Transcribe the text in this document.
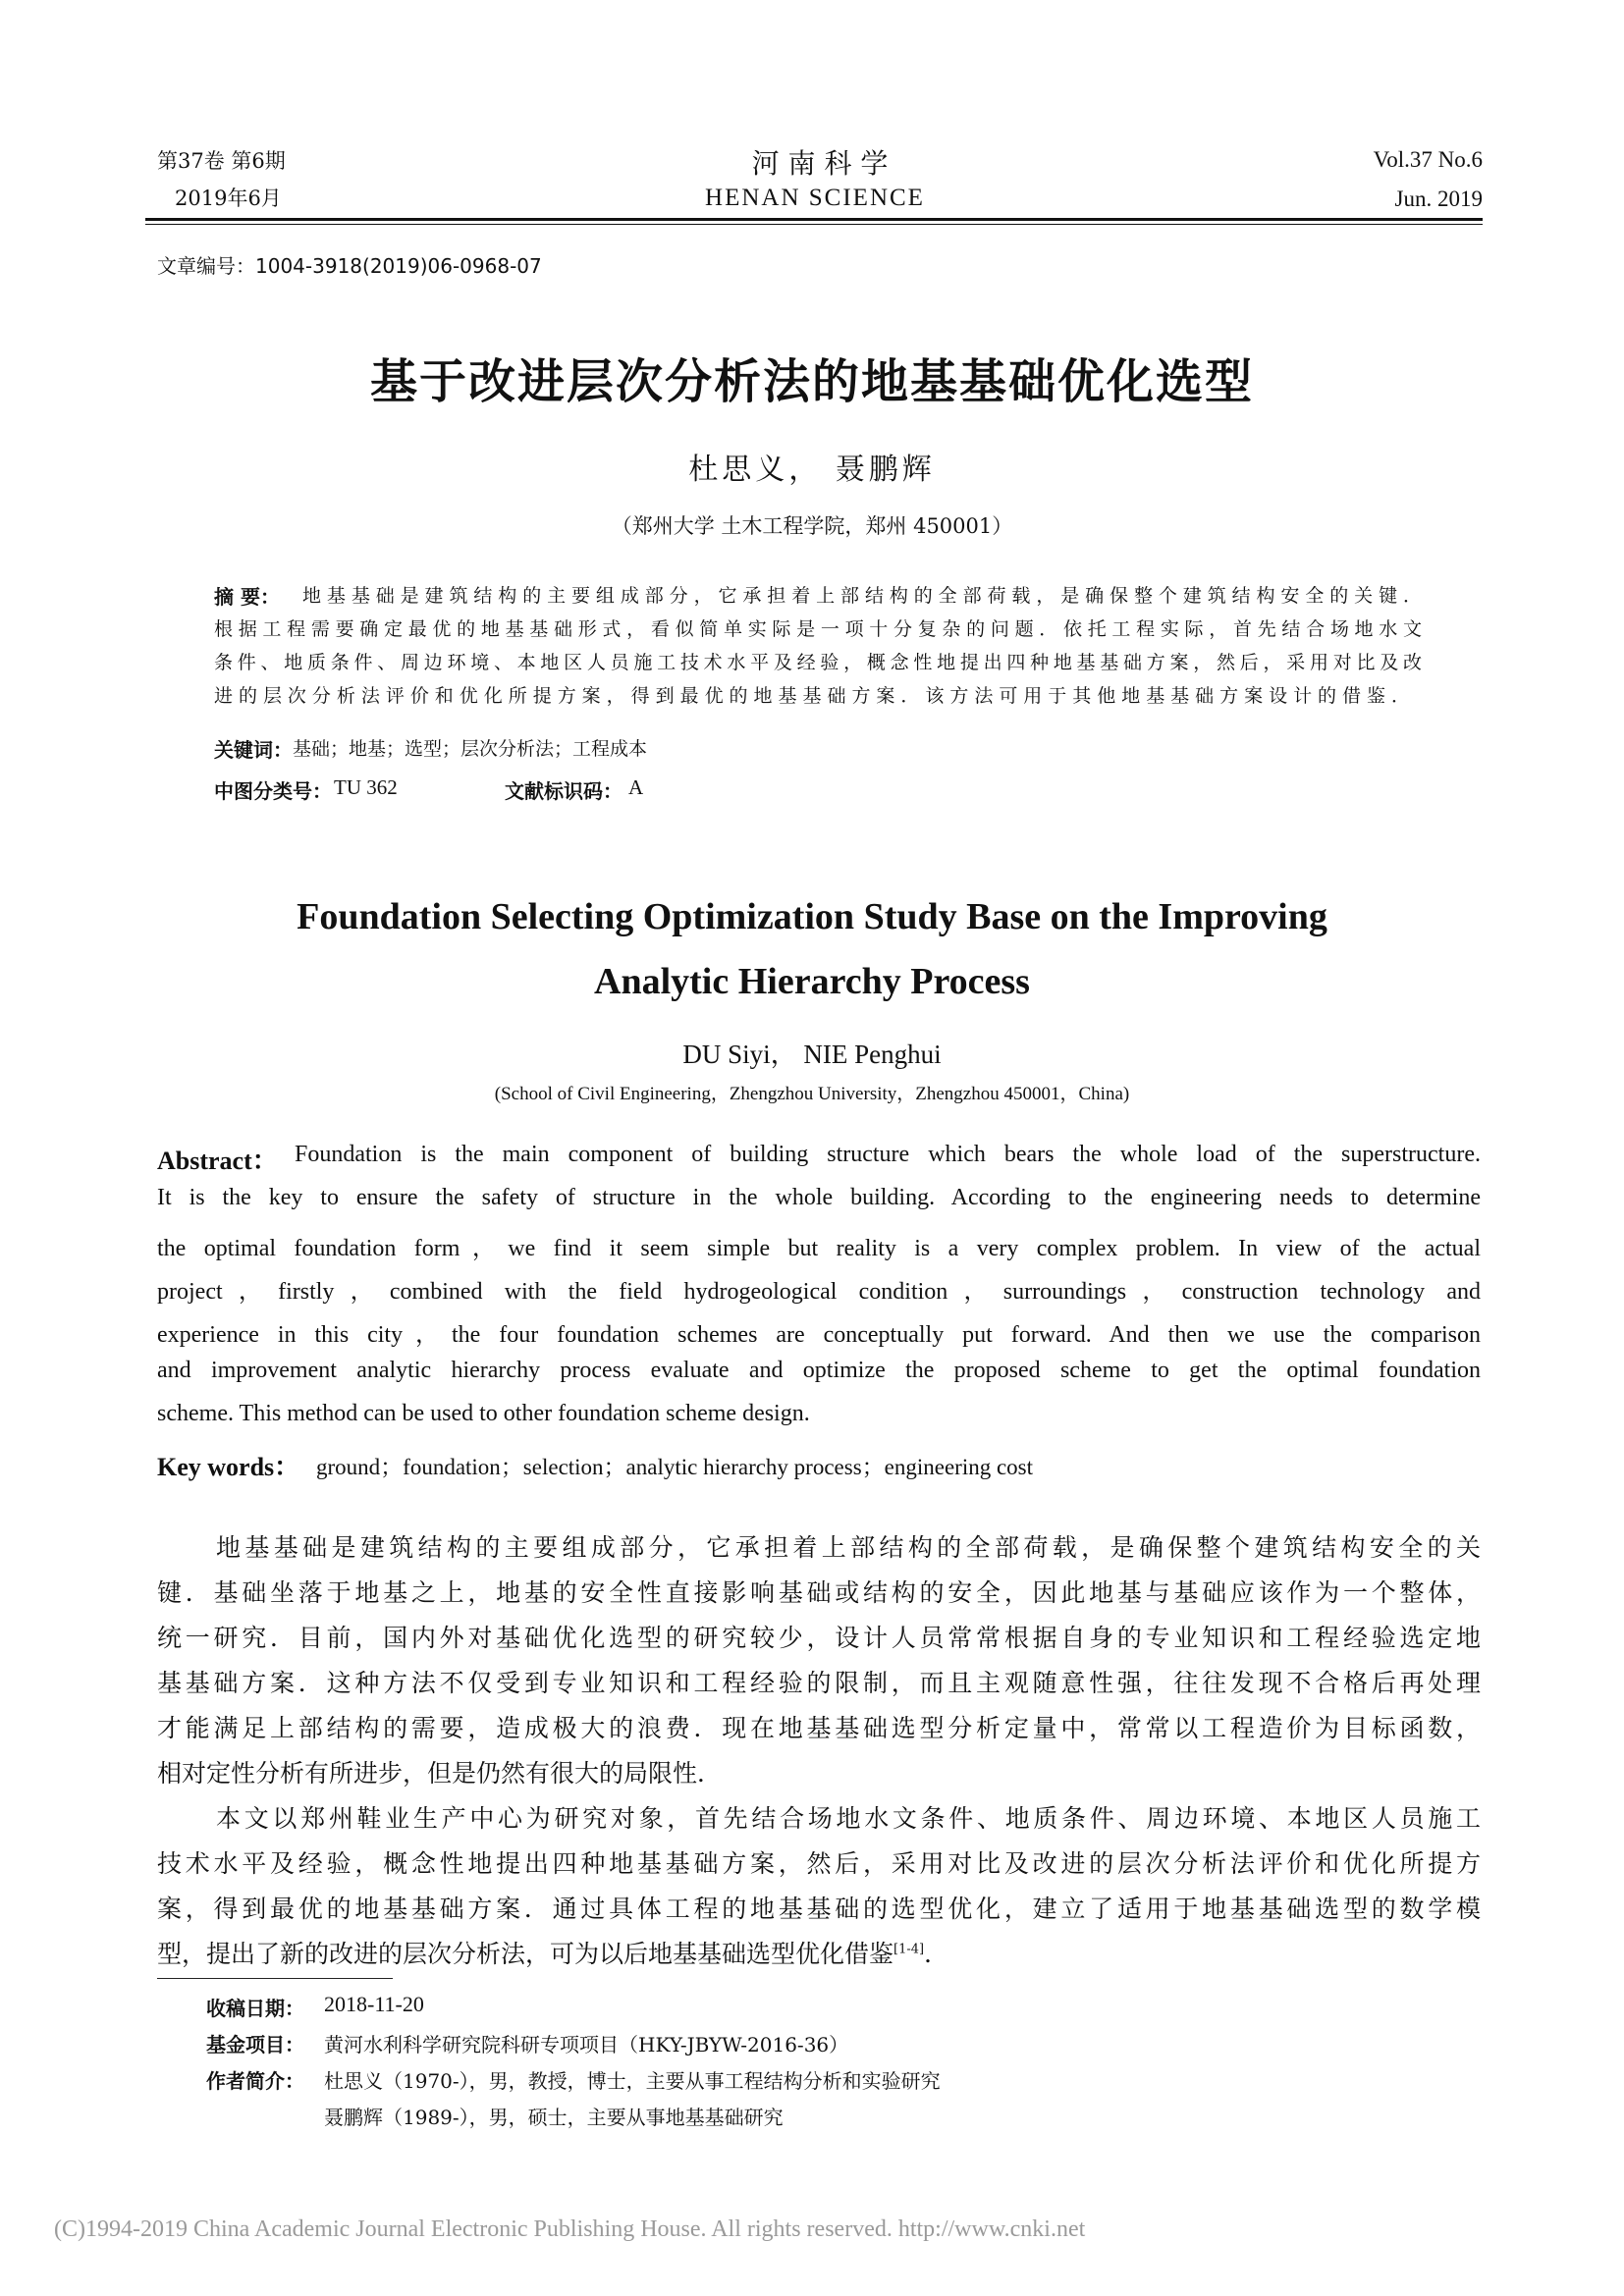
第37卷 第6期
2019年6月
河 南 科 学
HENAN SCIENCE
Vol.37 No.6
Jun. 2019
文章编号：1004-3918(2019)06-0968-07
基于改进层次分析法的地基基础优化选型
杜思义， 聂鹏辉
（郑州大学 土木工程学院，郑州 450001）
摘 要： 地基基础是建筑结构的主要组成部分，它承担着上部结构的全部荷载，是确保整个建筑结构安全的关键．
根据工程需要确定最优的地基基础形式，看似简单实际是一项十分复杂的问题．依托工程实际，首先结合场地水文
条件、地质条件、周边环境、本地区人员施工技术水平及经验，概念性地提出四种地基基础方案，然后，采用对比及改
进的层次分析法评价和优化所提方案，得到最优的地基基础方案．该方法可用于其他地基基础方案设计的借鉴．
关键词： 基础；地基；选型；层次分析法；工程成本
中图分类号： TU 362	文献标识码： A
Foundation Selecting Optimization Study Base on the Improving
Analytic Hierarchy Process
DU Siyi， NIE Penghui
(School of Civil Engineering，Zhengzhou University，Zhengzhou 450001，China)
Abstract： Foundation is the main component of building structure which bears the whole load of the superstructure.
It is the key to ensure the safety of structure in the whole building. According to the engineering needs to determine
the optimal foundation form，we find it seem simple but reality is a very complex problem. In view of the actual
project，firstly，combined with the field hydrogeological condition，surroundings，construction technology and
experience in this city，the four foundation schemes are conceptually put forward. And then we use the comparison
and improvement analytic hierarchy process evaluate and optimize the proposed scheme to get the optimal foundation
scheme. This method can be used to other foundation scheme design.
Key words： ground；foundation；selection；analytic hierarchy process；engineering cost
地基基础是建筑结构的主要组成部分，它承担着上部结构的全部荷载，是确保整个建筑结构安全的关
键．基础坐落于地基之上，地基的安全性直接影响基础或结构的安全，因此地基与基础应该作为一个整体，
统一研究．目前，国内外对基础优化选型的研究较少，设计人员常常根据自身的专业知识和工程经验选定地
基基础方案．这种方法不仅受到专业知识和工程经验的限制，而且主观随意性强，往往发现不合格后再处理
才能满足上部结构的需要，造成极大的浪费．现在地基基础选型分析定量中，常常以工程造价为目标函数，
相对定性分析有所进步，但是仍然有很大的局限性．
本文以郑州鞋业生产中心为研究对象，首先结合场地水文条件、地质条件、周边环境、本地区人员施工
技术水平及经验，概念性地提出四种地基基础方案，然后，采用对比及改进的层次分析法评价和优化所提方
案，得到最优的地基基础方案．通过具体工程的地基基础的选型优化，建立了适用于地基基础选型的数学模
型，提出了新的改进的层次分析法，可为以后地基基础选型优化借鉴[1-4]．
收稿日期： 2018-11-20
基金项目： 黄河水利科学研究院科研专项项目（HKY-JBYW-2016-36）
作者简介： 杜思义（1970-），男，教授，博士，主要从事工程结构分析和实验研究
聂鹏辉（1989-），男，硕士，主要从事地基基础研究
(C)1994-2019 China Academic Journal Electronic Publishing House. All rights reserved. http://www.cnki.net
